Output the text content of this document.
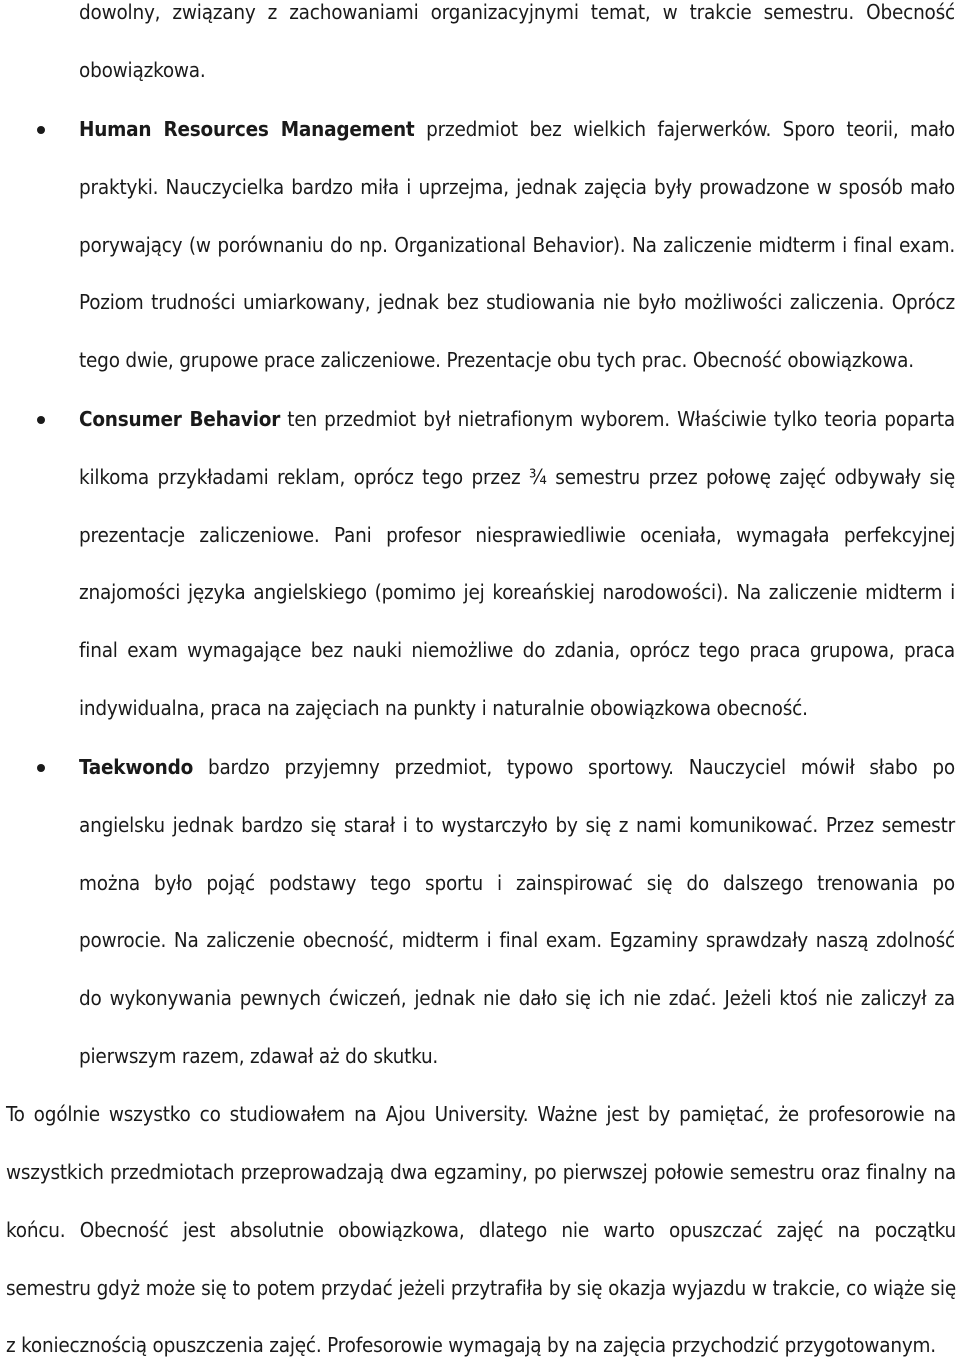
dowolny, związany z zachowaniami organizacyjnymi temat, w trakcie semestru. Obecność
obowiązkowa.
Human Resources Management przedmiot bez wielkich fajerwerków. Sporo teorii, mało
praktyki. Nauczycielka bardzo miła i uprzejma, jednak zajęcia były prowadzone w sposób mało
porywający (w porównaniu do np. Organizational Behavior). Na zaliczenie midterm i final exam.
Poziom trudności umiarkowany, jednak bez studiowania nie było możliwości zaliczenia. Oprócz
tego dwie, grupowe prace zaliczeniowe. Prezentacje obu tych prac. Obecność obowiązkowa.
Consumer Behavior ten przedmiot był nietrafionym wyborem. Właściwie tylko teoria poparta
kilkoma przykładami reklam, oprócz tego przez ¾ semestru przez połowę zajęć odbywały się
prezentacje zaliczeniowe. Pani profesor niesprawiedliwie oceniała, wymagała perfekcyjnej
znajomości języka angielskiego (pomimo jej koreańskiej narodowości). Na zaliczenie midterm i
final exam wymagające bez nauki niemożliwe do zdania, oprócz tego praca grupowa, praca
indywidualna, praca na zajęciach na punkty i naturalnie obowiązkowa obecność.
Taekwondo bardzo przyjemny przedmiot, typowo sportowy. Nauczyciel mówił słabo po
angielsku jednak bardzo się starał i to wystarczyło by się z nami komunikować. Przez semestr
można było pojąć podstawy tego sportu i zainspirować się do dalszego trenowania po
powrocie. Na zaliczenie obecność, midterm i final exam. Egzaminy sprawdzały naszą zdolność
do wykonywania pewnych ćwiczeń, jednak nie dało się ich nie zdać. Jeżeli ktoś nie zaliczył za
pierwszym razem, zdawał aż do skutku.
To ogólnie wszystko co studiowałem na Ajou University. Ważne jest by pamiętać, że profesorowie na
wszystkich przedmiotach przeprowadzają dwa egzaminy, po pierwszej połowie semestru oraz finalny na
końcu. Obecność jest absolutnie obowiązkowa, dlatego nie warto opuszczać zajęć na początku
semestru gdyż może się to potem przydać jeżeli przytrafiła by się okazja wyjazdu w trakcie, co wiąże się
z koniecznością opuszczenia zajęć. Profesorowie wymagają by na zajęcia przychodzić przygotowanym.
